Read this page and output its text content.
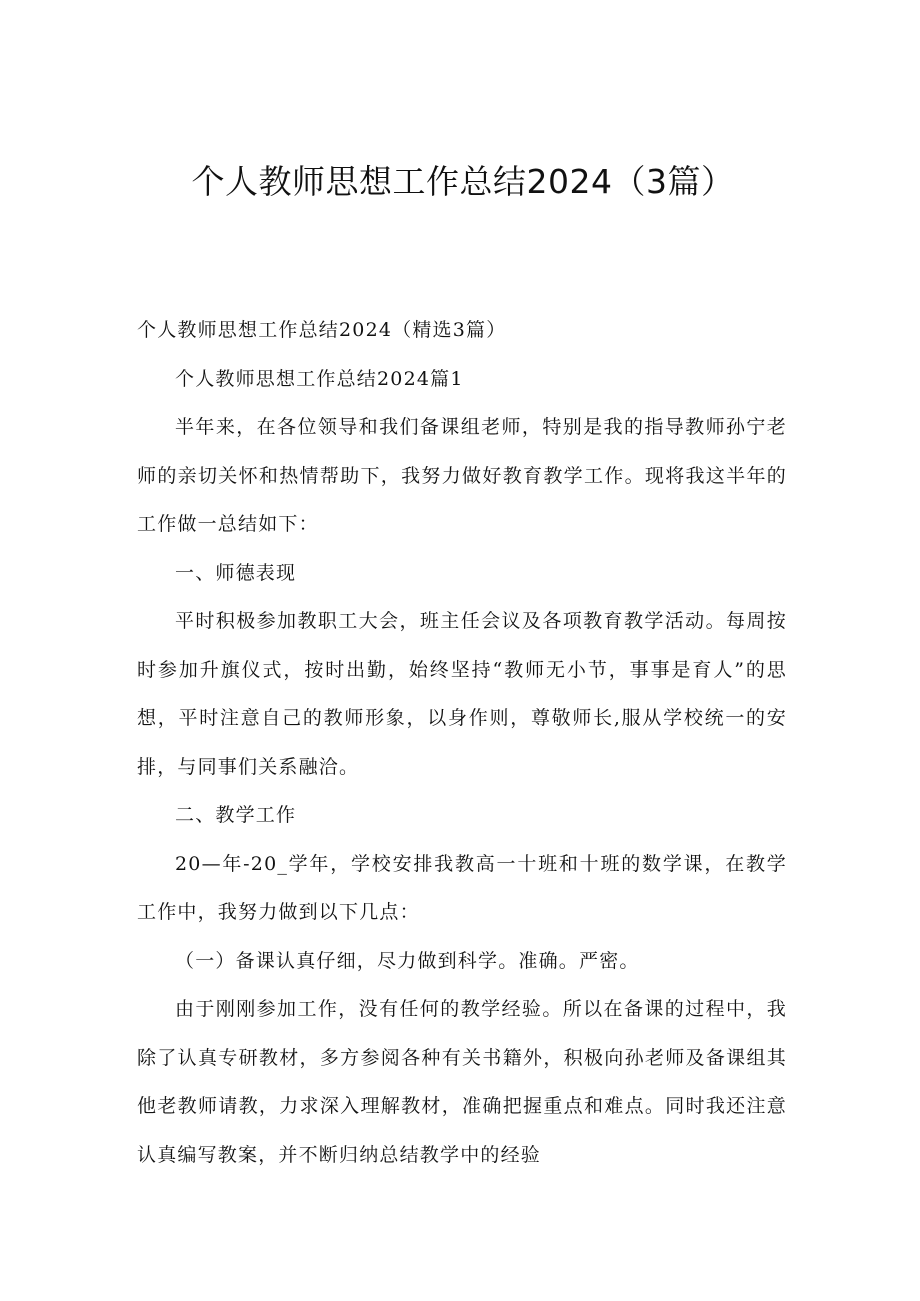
个人教师思想工作总结2024（3篇）

个人教师思想工作总结2024（精选3篇）

个人教师思想工作总结2024篇1

半年来，在各位领导和我们备课组老师，特别是我的指导教师孙宁老师的亲切关怀和热情帮助下，我努力做好教育教学工作。现将我这半年的工作做一总结如下：

一、师德表现

平时积极参加教职工大会，班主任会议及各项教育教学活动。每周按时参加升旗仪式，按时出勤，始终坚持“教师无小节，事事是育人”的思想，平时注意自己的教师形象，以身作则，尊敬师长,服从学校统一的安排，与同事们关系融洽。

二、教学工作

20—年-20_学年，学校安排我教高一十班和十班的数学课，在教学工作中，我努力做到以下几点：

（一）备课认真仔细，尽力做到科学。准确。严密。

由于刚刚参加工作，没有任何的教学经验。所以在备课的过程中，我除了认真专研教材，多方参阅各种有关书籍外，积极向孙老师及备课组其他老教师请教，力求深入理解教材，准确把握重点和难点。同时我还注意认真编写教案，并不断归纳总结教学中的经验
